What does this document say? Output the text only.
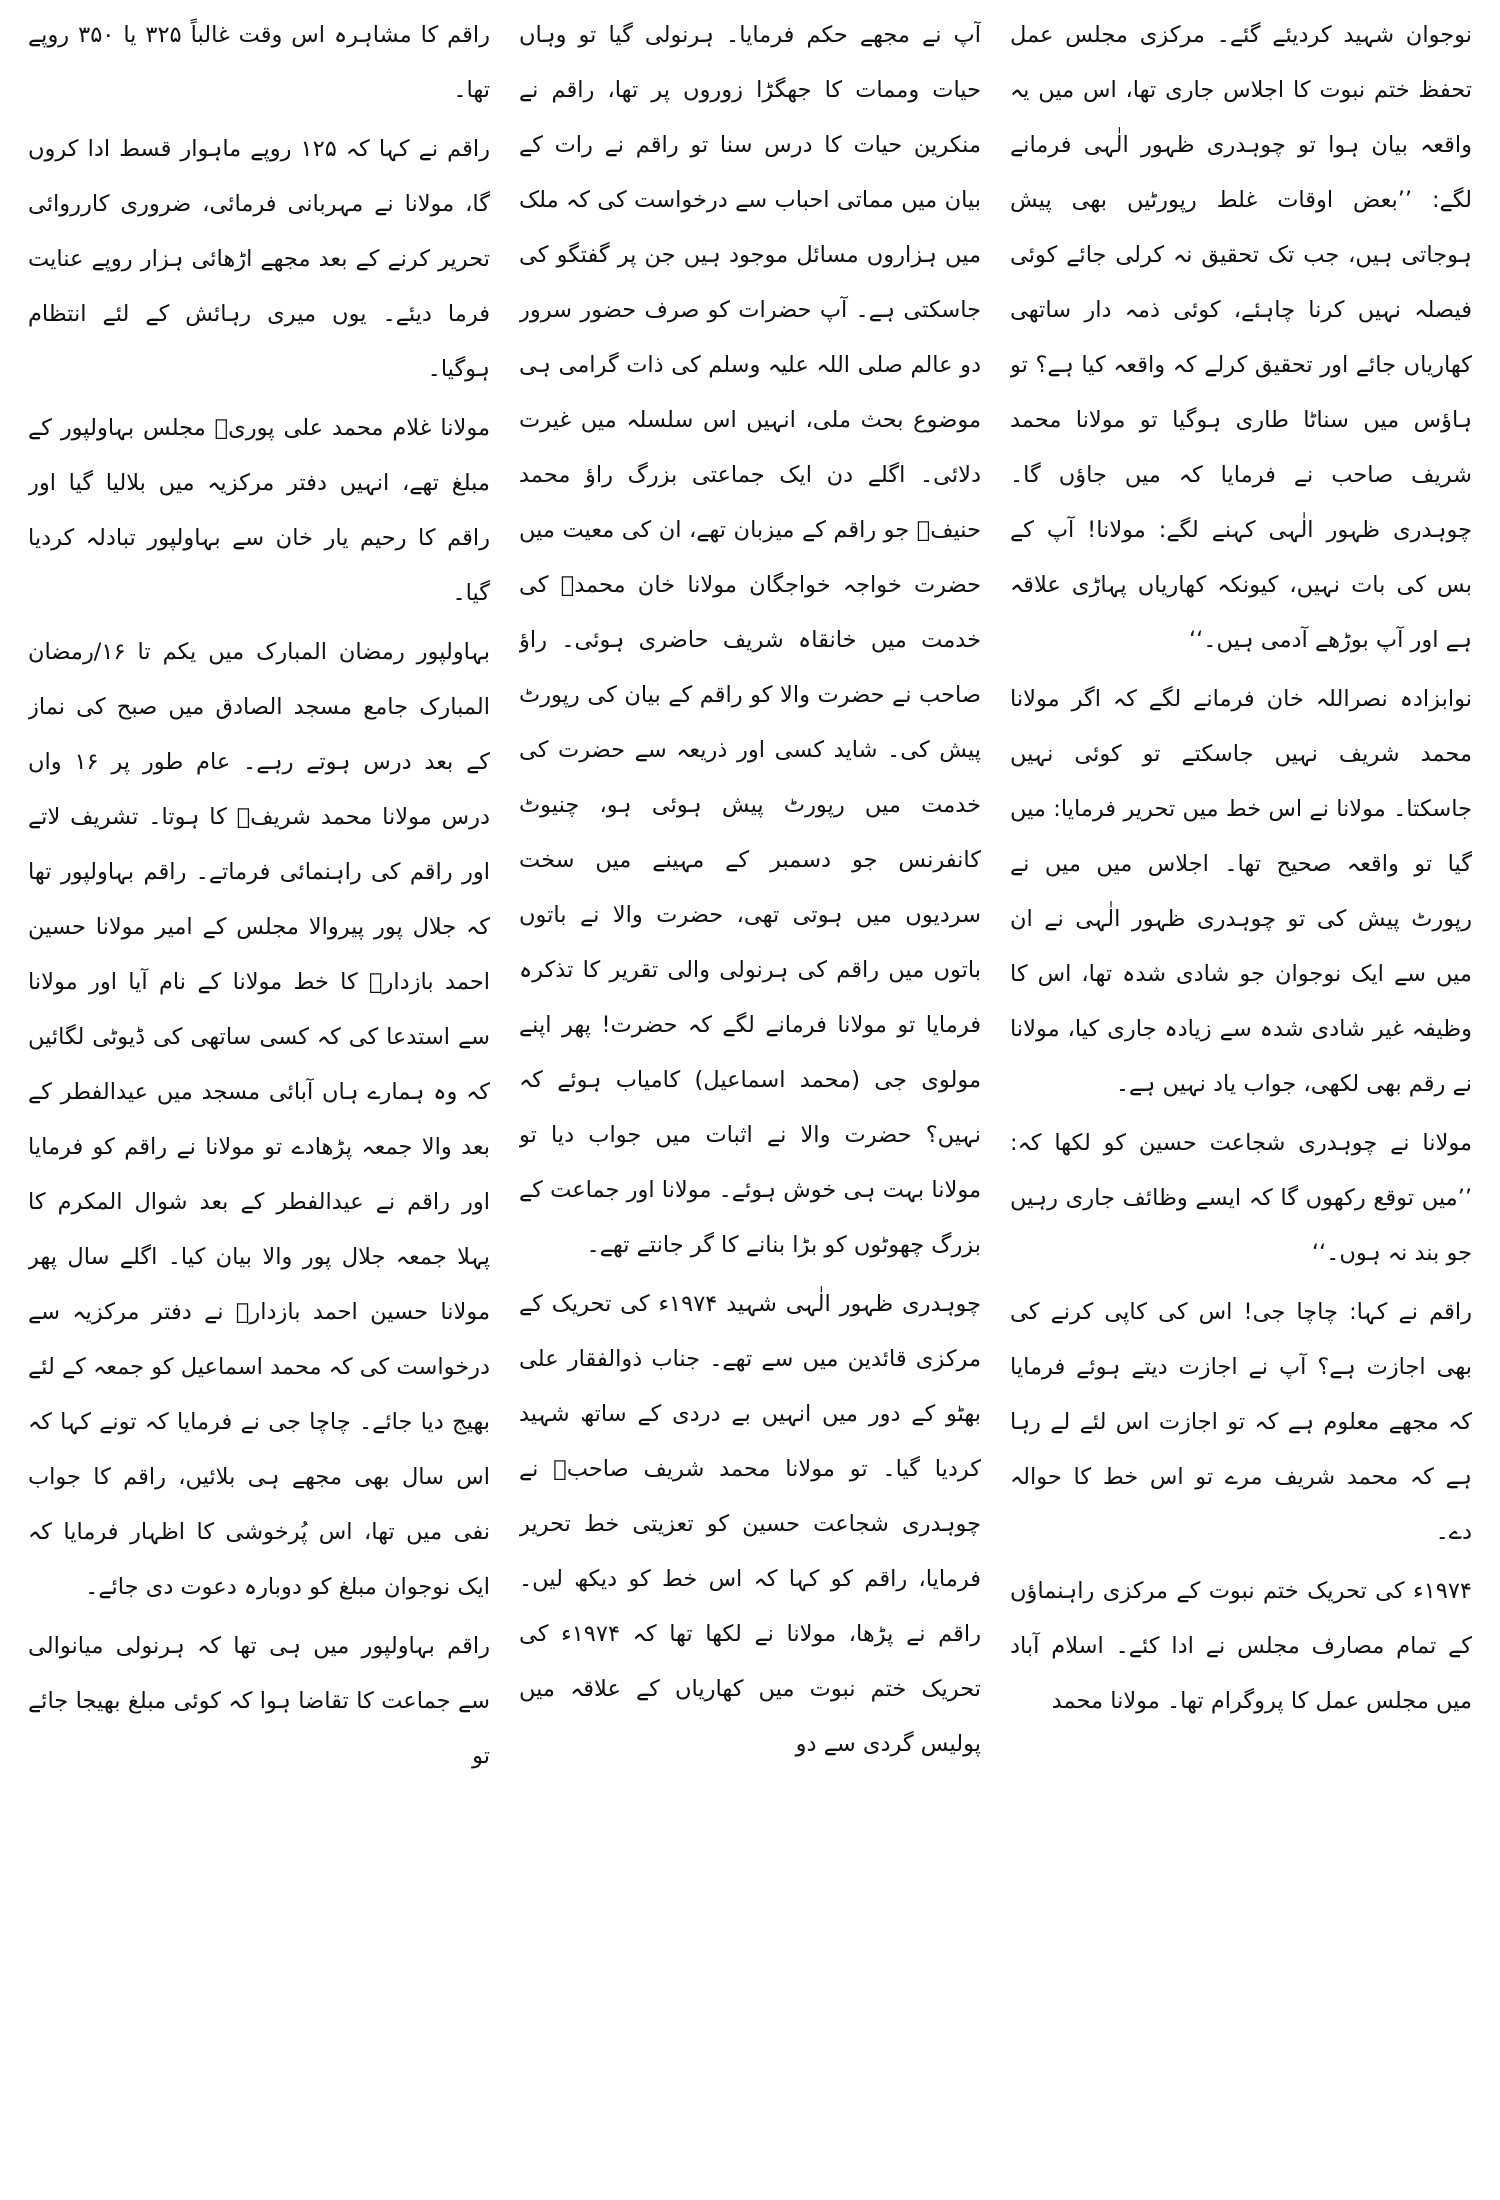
راقم کا مشاہرہ اس وقت غالباً ۳۲۵ یا ۳۵۰ روپے تھا۔

راقم نے کہا کہ ۱۲۵ روپے ماہوار قسط ادا کروں گا، مولانا نے مہربانی فرمائی، ضروری کارروائی تحریر کرنے کے بعد مجھے اڑھائی ہزار روپے عنایت فرما دیئے۔ یوں میری رہائش کے لئے انتظام ہوگیا۔

مولانا غلام محمد علی پوریؒ مجلس بہاولپور کے مبلغ تھے، انہیں دفتر مرکزیہ میں بلالیا گیا اور راقم کا رحیم یار خان سے بہاولپور تبادلہ کردیا گیا۔

بہاولپور رمضان المبارک میں یکم تا ۱۶/رمضان المبارک جامع مسجد الصادق میں صبح کی نماز کے بعد درس ہوتے رہے۔ عام طور پر ۱۶ واں درس مولانا محمد شریفؒ کا ہوتا۔ تشریف لاتے اور راقم کی راہنمائی فرماتے۔ راقم بہاولپور تھا کہ جلال پور پیروالا مجلس کے امیر مولانا حسین احمد بازدارؒ کا خط مولانا کے نام آیا اور مولانا سے استدعا کی کہ کسی ساتھی کی ڈیوٹی لگائیں کہ وہ ہمارے ہاں آبائی مسجد میں عیدالفطر کے بعد والا جمعہ پڑھادے تو مولانا نے راقم کو فرمایا اور راقم نے عیدالفطر کے بعد شوال المکرم کا پہلا جمعہ جلال پور والا بیان کیا۔ اگلے سال پھر مولانا حسین احمد بازدارؒ نے دفتر مرکزیہ سے درخواست کی کہ محمد اسماعیل کو جمعہ کے لئے بھیج دیا جائے۔ چاچا جی نے فرمایا کہ تونے کہا کہ اس سال بھی مجھے ہی بلائیں، راقم کا جواب نفی میں تھا، اس پُرخوشی کا اظہار فرمایا کہ ایک نوجوان مبلغ کو دوبارہ دعوت دی جائے۔

راقم بہاولپور میں ہی تھا کہ ہرنولی میانوالی سے جماعت کا تقاضا ہوا کہ کوئی مبلغ بھیجا جائے تو

آپ نے مجھے حکم فرمایا۔ ہرنولی گیا تو وہاں حیات وممات کا جھگڑا زوروں پر تھا، راقم نے منکرین حیات کا درس سنا تو راقم نے رات کے بیان میں مماتی احباب سے درخواست کی کہ ملک میں ہزاروں مسائل موجود ہیں جن پر گفتگو کی جاسکتی ہے۔ آپ حضرات کو صرف حضور سرور دو عالم صلی اللہ علیہ وسلم کی ذات گرامی ہی موضوع بحث ملی، انہیں اس سلسلہ میں غیرت دلائی۔ اگلے دن ایک جماعتی بزرگ راؤ محمد حنیفؒ جو راقم کے میزبان تھے، ان کی معیت میں حضرت خواجہ خواجگان مولانا خان محمدؒ کی خدمت میں خانقاہ شریف حاضری ہوئی۔ راؤ صاحب نے حضرت والا کو راقم کے بیان کی رپورٹ پیش کی۔ شاید کسی اور ذریعہ سے حضرت کی خدمت میں رپورٹ پیش ہوئی ہو، چنیوٹ کانفرنس جو دسمبر کے مہینے میں سخت سردیوں میں ہوتی تھی، حضرت والا نے باتوں باتوں میں راقم کی ہرنولی والی تقریر کا تذکرہ فرمایا تو مولانا فرمانے لگے کہ حضرت! پھر اپنے مولوی جی (محمد اسماعیل) کامیاب ہوئے کہ نہیں؟ حضرت والا نے اثبات میں جواب دیا تو مولانا بہت ہی خوش ہوئے۔ مولانا اور جماعت کے بزرگ چھوٹوں کو بڑا بنانے کا گر جانتے تھے۔

چوہدری ظہور الٰہی شہید ۱۹۷۴ء کی تحریک کے مرکزی قائدین میں سے تھے۔ جناب ذوالفقار علی بھٹو کے دور میں انہیں بے دردی کے ساتھ شہید کردیا گیا۔ تو مولانا محمد شریف صاحبؒ نے چوہدری شجاعت حسین کو تعزیتی خط تحریر فرمایا، راقم کو کہا کہ اس خط کو دیکھ لیں۔ راقم نے پڑھا، مولانا نے لکھا تھا کہ ۱۹۷۴ء کی تحریک ختم نبوت میں کھاریاں کے علاقہ میں پولیس گردی سے دو

نوجوان شہید کردیئے گئے۔ مرکزی مجلس عمل تحفظ ختم نبوت کا اجلاس جاری تھا، اس میں یہ واقعہ بیان ہوا تو چوہدری ظہور الٰہی فرمانے لگے: ’’بعض اوقات غلط رپورٹیں بھی پیش ہوجاتی ہیں، جب تک تحقیق نہ کرلی جائے کوئی فیصلہ نہیں کرنا چاہئے، کوئی ذمہ دار ساتھی کھاریاں جائے اور تحقیق کرلے کہ واقعہ کیا ہے؟ تو ہاؤس میں سناٹا طاری ہوگیا تو مولانا محمد شریف صاحب نے فرمایا کہ میں جاؤں گا۔ چوہدری ظہور الٰہی کہنے لگے: مولانا! آپ کے بس کی بات نہیں، کیونکہ کھاریاں پہاڑی علاقہ ہے اور آپ بوڑھے آدمی ہیں۔‘‘

نوابزادہ نصراللہ خان فرمانے لگے کہ اگر مولانا محمد شریف نہیں جاسکتے تو کوئی نہیں جاسکتا۔ مولانا نے اس خط میں تحریر فرمایا: میں گیا تو واقعہ صحیح تھا۔ اجلاس میں میں نے رپورٹ پیش کی تو چوہدری ظہور الٰہی نے ان میں سے ایک نوجوان جو شادی شدہ تھا، اس کا وظیفہ غیر شادی شدہ سے زیادہ جاری کیا، مولانا نے رقم بھی لکھی، جواب یاد نہیں ہے۔

مولانا نے چوہدری شجاعت حسین کو لکھا کہ: ’’میں توقع رکھوں گا کہ ایسے وظائف جاری رہیں جو بند نہ ہوں۔‘‘

راقم نے کہا: چاچا جی! اس کی کاپی کرنے کی بھی اجازت ہے؟ آپ نے اجازت دیتے ہوئے فرمایا کہ مجھے معلوم ہے کہ تو اجازت اس لئے لے رہا ہے کہ محمد شریف مرے تو اس خط کا حوالہ دے۔

۱۹۷۴ء کی تحریک ختم نبوت کے مرکزی راہنماؤں کے تمام مصارف مجلس نے ادا کئے۔ اسلام آباد میں مجلس عمل کا پروگرام تھا۔ مولانا محمد
